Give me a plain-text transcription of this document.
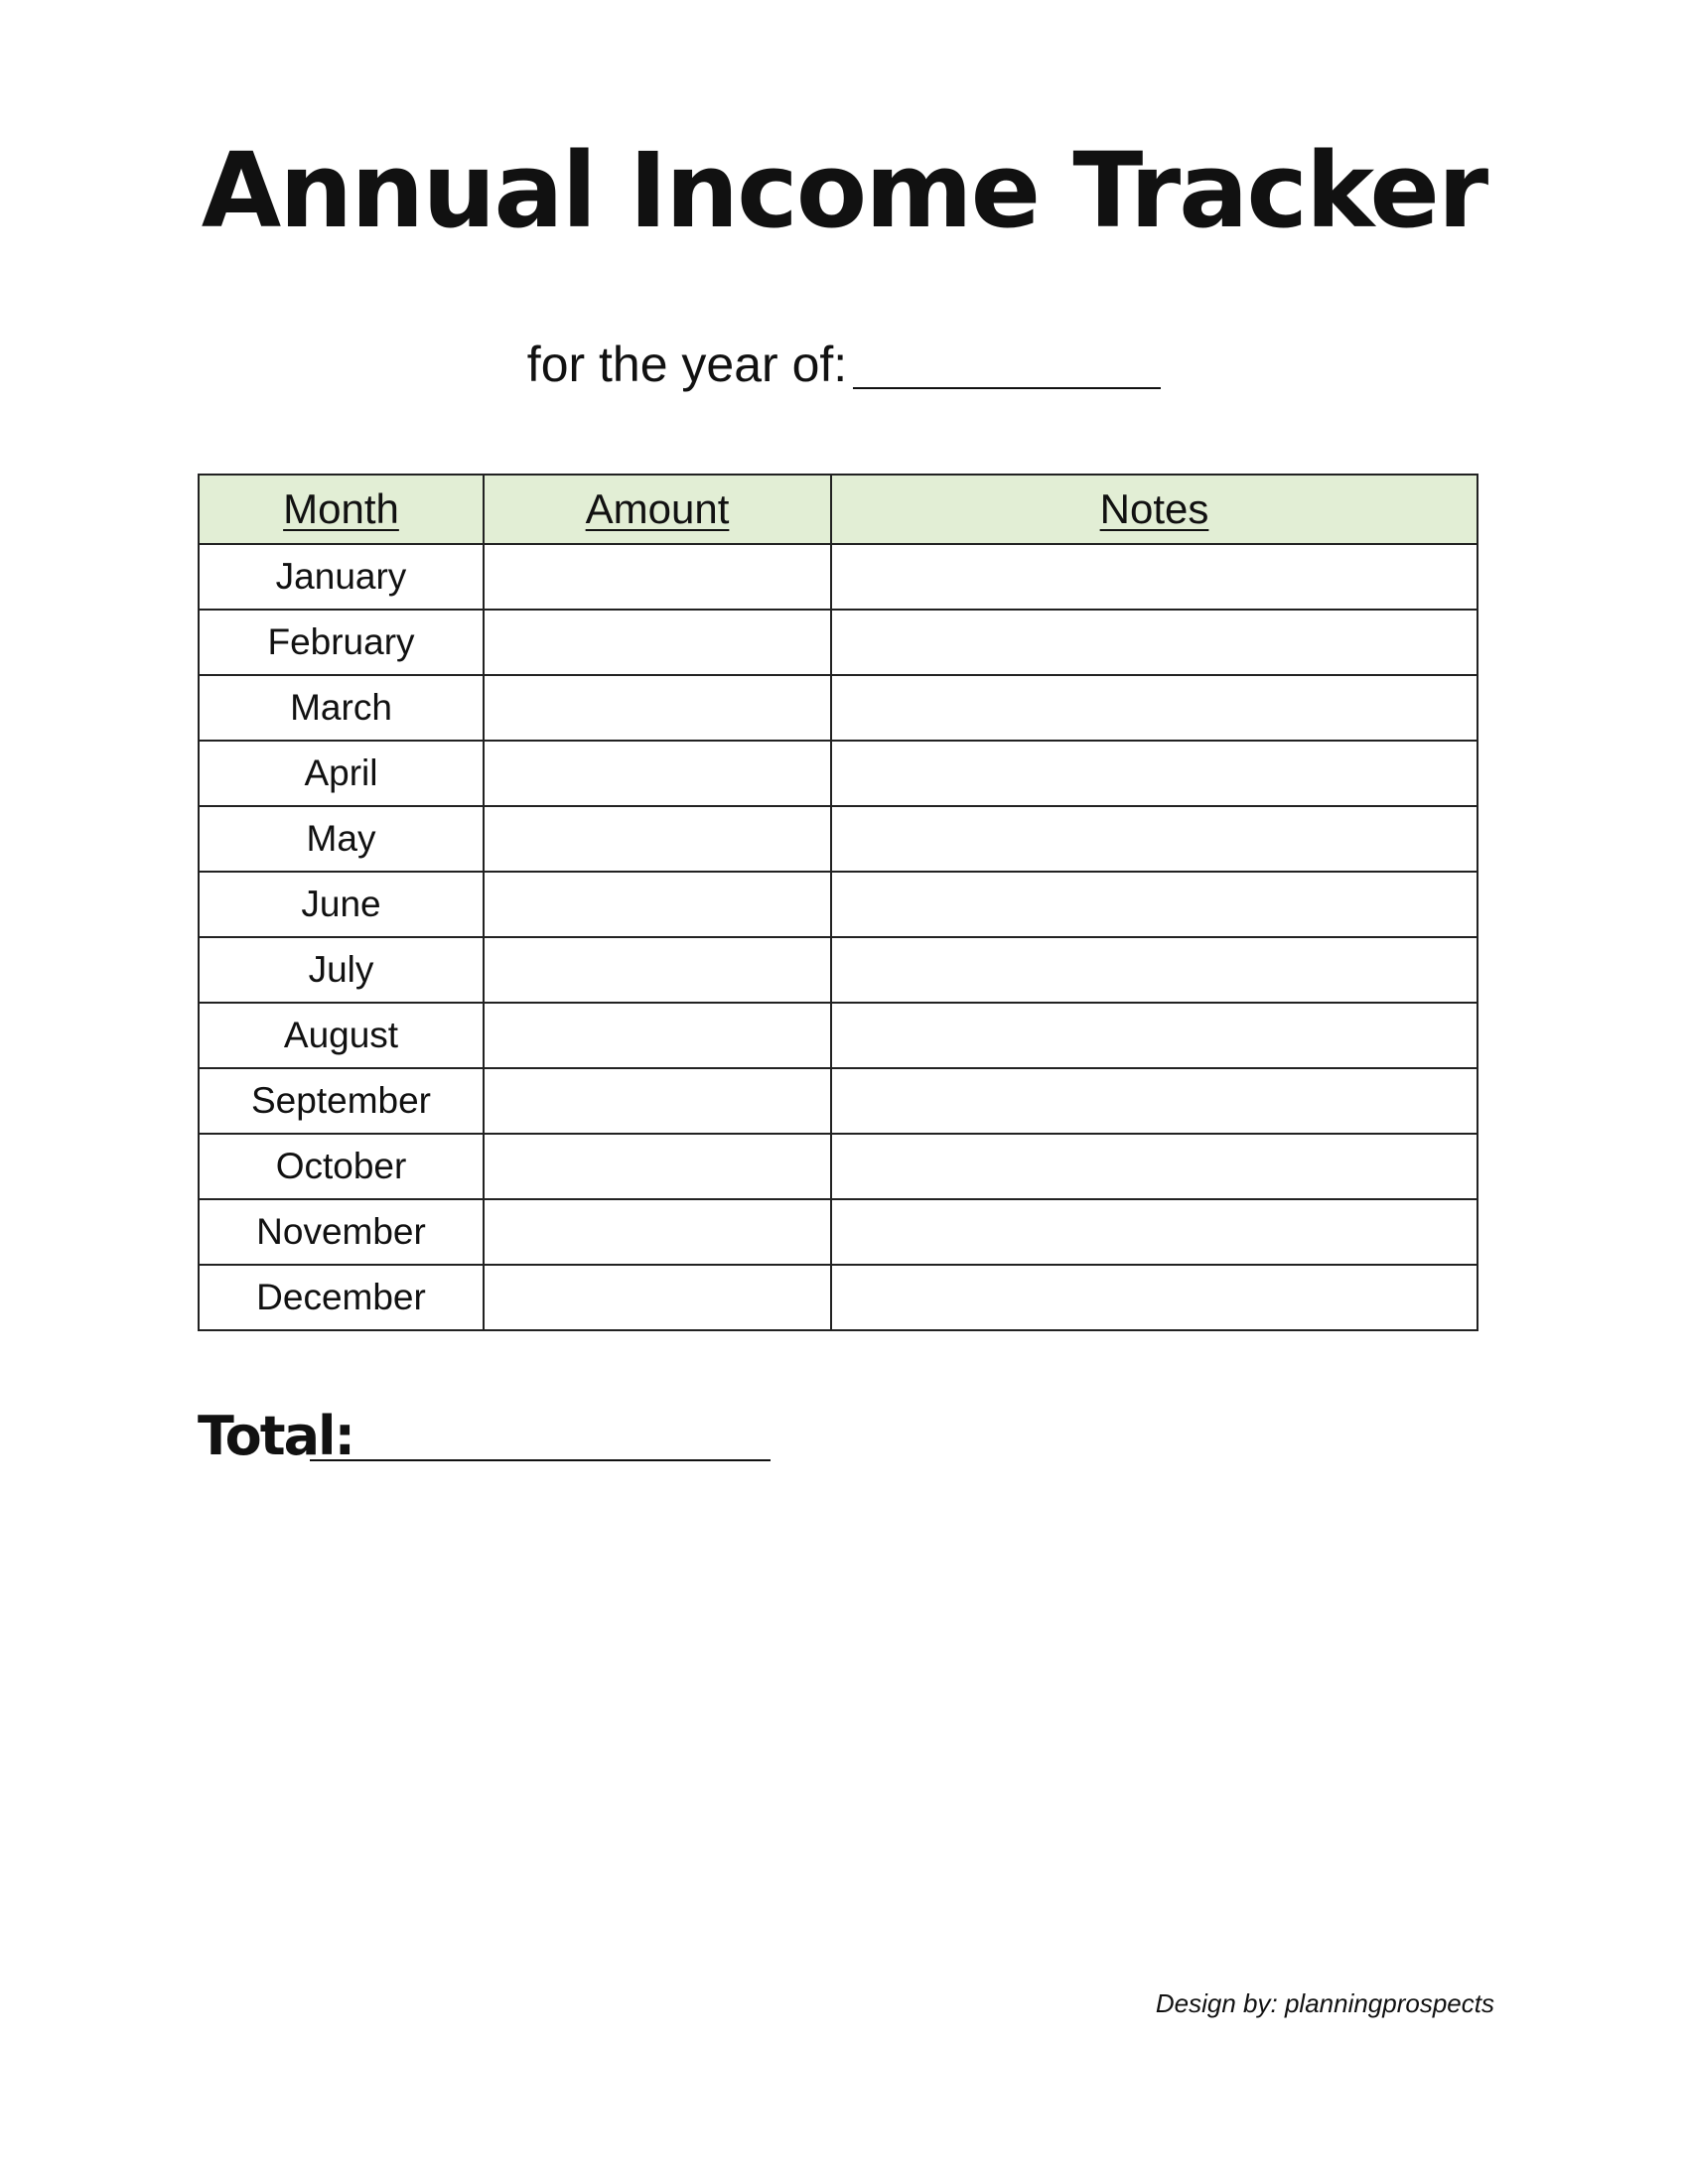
Annual Income Tracker
for the year of:
Month	Amount	Notes
January		
February		
March		
April		
May		
June		
July		
August		
September		
October		
November		
December		
Total:
Design by: planningprospects
